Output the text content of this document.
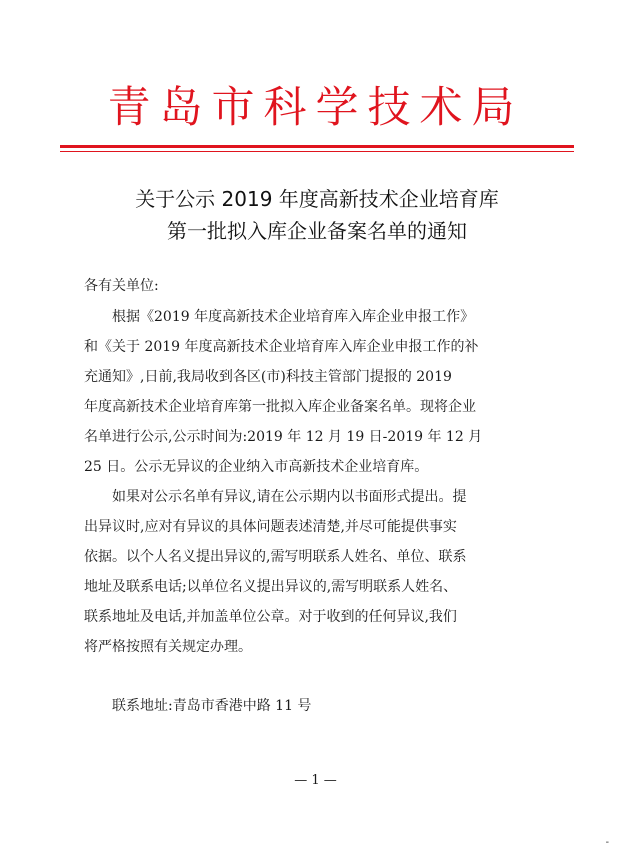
青岛市科学技术局
关于公示 2019 年度高新技术企业培育库
第一批拟入库企业备案名单的通知
各有关单位:
根据《2019 年度高新技术企业培育库入库企业申报工作》
和《关于 2019 年度高新技术企业培育库入库企业申报工作的补
充通知》,日前,我局收到各区(市)科技主管部门提报的 2019
年度高新技术企业培育库第一批拟入库企业备案名单。现将企业
名单进行公示,公示时间为:2019 年 12 月 19 日-2019 年 12 月
25 日。公示无异议的企业纳入市高新技术企业培育库。
如果对公示名单有异议,请在公示期内以书面形式提出。提
出异议时,应对有异议的具体问题表述清楚,并尽可能提供事实
依据。以个人名义提出异议的,需写明联系人姓名、单位、联系
地址及联系电话;以单位名义提出异议的,需写明联系人姓名、
联系地址及电话,并加盖单位公章。对于收到的任何异议,我们
将严格按照有关规定办理。
联系地址:青岛市香港中路 11 号
— 1 —
-
